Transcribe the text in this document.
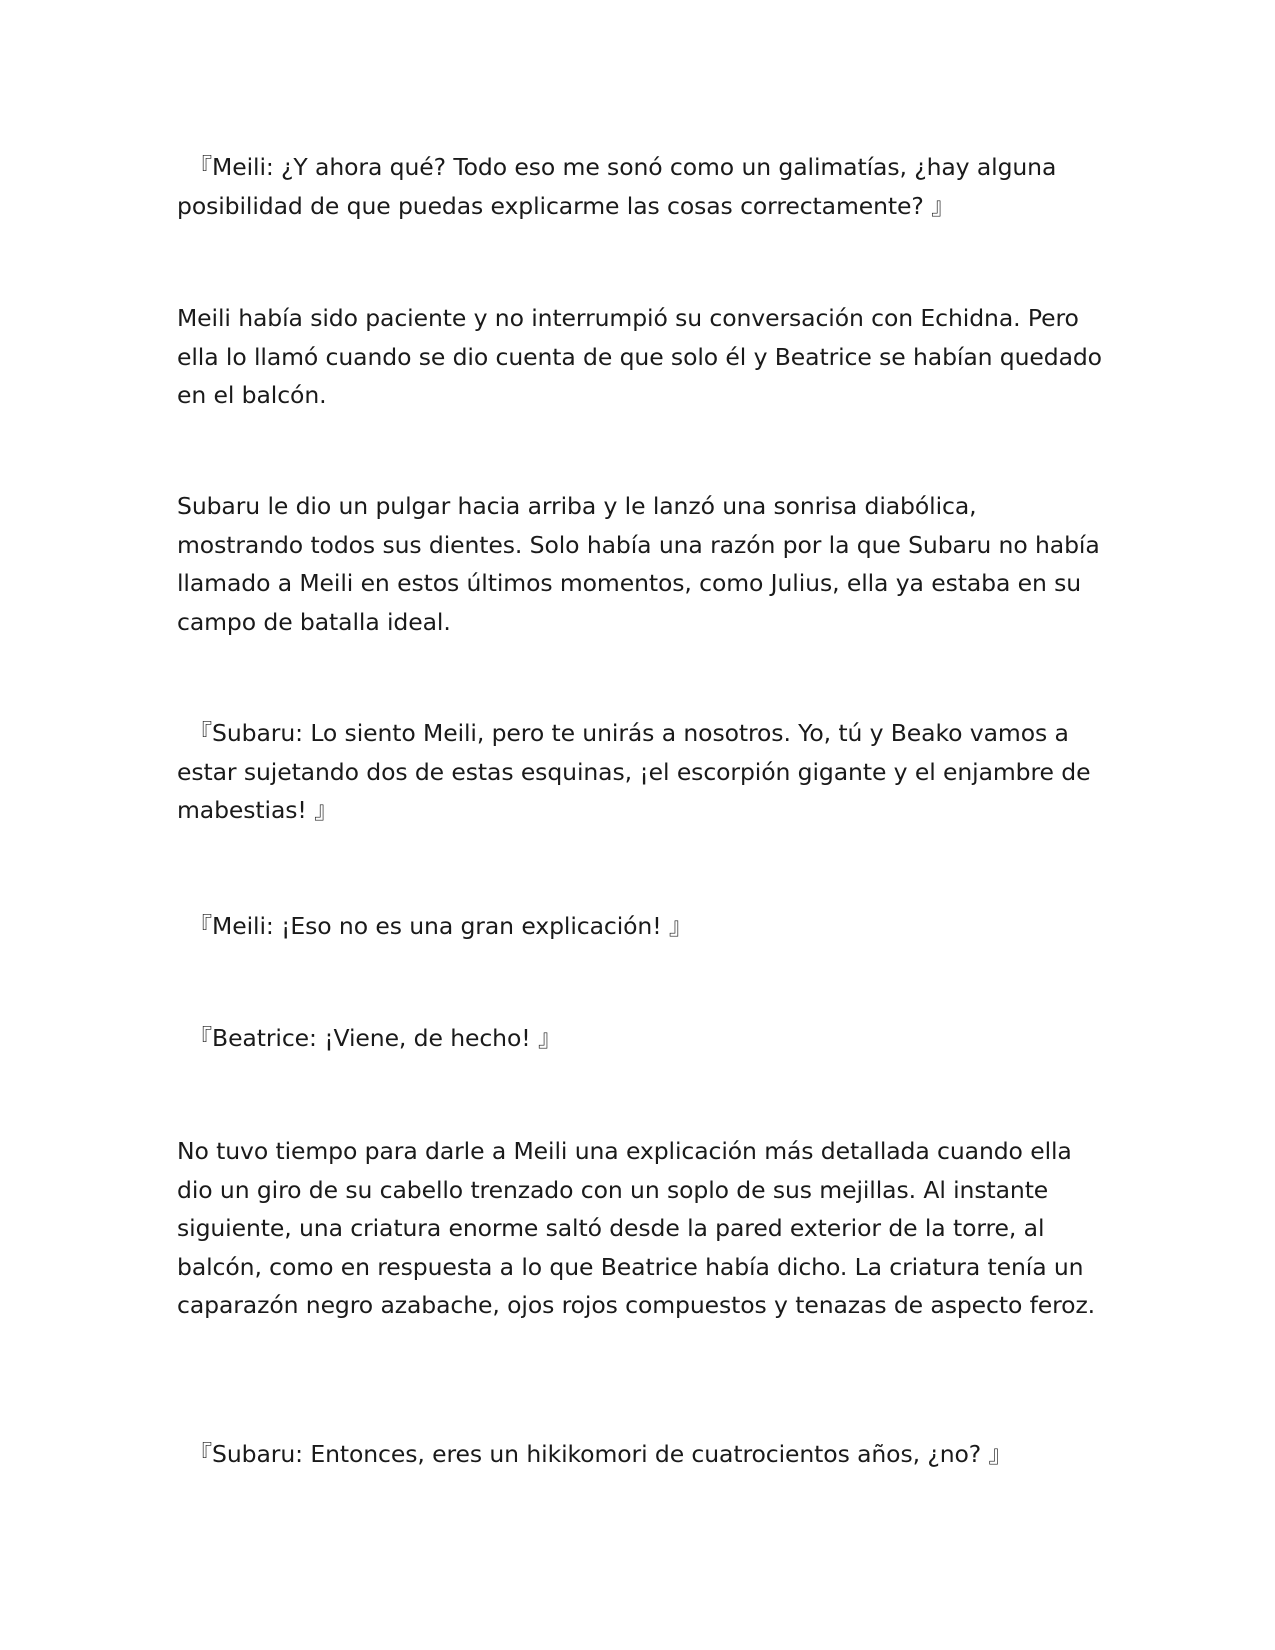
　『Meili: ¿Y ahora qué? Todo eso me sonó como un galimatías, ¿hay alguna posibilidad de que puedas explicarme las cosas correctamente? 』

Meili había sido paciente y no interrumpió su conversación con Echidna. Pero ella lo llamó cuando se dio cuenta de que solo él y Beatrice se habían quedado en el balcón.

Subaru le dio un pulgar hacia arriba y le lanzó una sonrisa diabólica, mostrando todos sus dientes. Solo había una razón por la que Subaru no había llamado a Meili en estos últimos momentos, como Julius, ella ya estaba en su campo de batalla ideal.

　『Subaru: Lo siento Meili, pero te unirás a nosotros. Yo, tú y Beako vamos a estar sujetando dos de estas esquinas, ¡el escorpión gigante y el enjambre de mabestias! 』

　『Meili: ¡Eso no es una gran explicación! 』

　『Beatrice: ¡Viene, de hecho! 』

No tuvo tiempo para darle a Meili una explicación más detallada cuando ella dio un giro de su cabello trenzado con un soplo de sus mejillas. Al instante siguiente, una criatura enorme saltó desde la pared exterior de la torre, al balcón, como en respuesta a lo que Beatrice había dicho. La criatura tenía un caparazón negro azabache, ojos rojos compuestos y tenazas de aspecto feroz.

　『Subaru: Entonces, eres un hikikomori de cuatrocientos años, ¿no? 』
